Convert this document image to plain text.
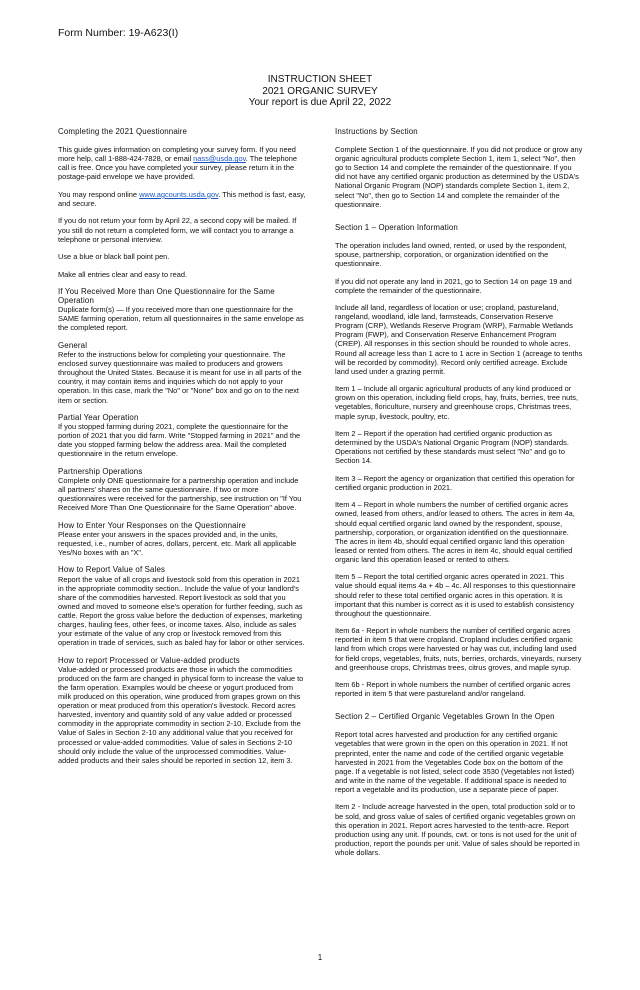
Form Number: 19-A623(I)
INSTRUCTION SHEET
2021 ORGANIC SURVEY
Your report is due April 22, 2022
Completing the 2021 Questionnaire

This guide gives information on completing your survey form. If you need more help, call 1-888-424-7828, or email nass@usda.gov. The telephone call is free. Once you have completed your survey, please return it in the postage-paid envelope we have provided.

You may respond online www.agcounts.usda.gov. This method is fast, easy, and secure.

If you do not return your form by April 22, a second copy will be mailed. If you still do not return a completed form, we will contact you to arrange a telephone or personal interview.

Use a blue or black ball point pen.

Make all entries clear and easy to read.

If You Received More than One Questionnaire for the Same Operation

Duplicate form(s) — If you received more than one questionnaire for the SAME farming operation, return all questionnaires in the same envelope as the completed report.

General

Refer to the instructions below for completing your questionnaire. The enclosed survey questionnaire was mailed to producers and growers throughout the United States. Because it is meant for use in all parts of the country, it may contain items and inquiries which do not apply to your operation. In this case, mark the "No" or "None" box and go on to the next item or section.

Partial Year Operation

If you stopped farming during 2021, complete the questionnaire for the portion of 2021 that you did farm. Write "Stopped farming in 2021" and the date you stopped farming below the address area. Mail the completed questionnaire in the return envelope.

Partnership Operations

Complete only ONE questionnaire for a partnership operation and include all partners' shares on the same questionnaire. If two or more questionnaires were received for the partnership, see instruction on "If You Received More Than One Questionnaire for the Same Operation" above.

How to Enter Your Responses on the Questionnaire

Please enter your answers in the spaces provided and, in the units, requested, i.e., number of acres, dollars, percent, etc. Mark all applicable Yes/No boxes with an "X".

How to Report Value of Sales

Report the value of all crops and livestock sold from this operation in 2021 in the appropriate commodity section.. Include the value of your landlord's share of the commodities harvested. Report livestock as sold that you owned and moved to someone else's operation for further feeding, such as cattle. Report the gross value before the deduction of expenses, marketing charges, hauling fees, other fees, or income taxes. Also, include as sales your estimate of the value of any crop or livestock removed from this operation in trade of services, such as baled hay for labor or other services.

How to report Processed or Value-added products

Value-added or processed products are those in which the commodities produced on the farm are changed in physical form to increase the value to the farm operation. Examples would be cheese or yogurt produced from milk produced on this operation, wine produced from grapes grown on this operation or meat produced from this operation's livestock. Record acres harvested, inventory and quantity sold of any value added or processed commodity in the appropriate commodity in section 2-10. Exclude from the Value of Sales in Section 2-10 any additional value that you received for processed or value-added commodities. Value of sales in Sections 2-10 should only include the value of the unprocessed commodities. Value-added products and their sales should be reported in section 12, item 3.

Instructions by Section

Complete Section 1 of the questionnaire. If you did not produce or grow any organic agricultural products complete Section 1, item 1, select "No", then go to Section 14 and complete the remainder of the questionnaire. If you did not have any certified organic production as determined by the USDA's National Organic Program (NOP) standards complete Section 1, item 2, select "No", then go to Section 14 and complete the remainder of the questionnaire.

Section 1 – Operation Information

The operation includes land owned, rented, or used by the respondent, spouse, partnership, corporation, or organization identified on the questionnaire.

If you did not operate any land in 2021, go to Section 14 on page 19 and complete the remainder of the questionnaire.

Include all land, regardless of location or use; cropland, pastureland, rangeland, woodland, idle land, farmsteads, Conservation Reserve Program (CRP), Wetlands Reserve Program (WRP), Farmable Wetlands Program (FWP), and Conservation Reserve Enhancement Program (CREP). All responses in this section should be rounded to whole acres. Round all acreage less than 1 acre to 1 acre in Section 1 (acreage to tenths will be recorded by commodity). Record only certified acreage. Exclude land used under a grazing permit.

Item 1 – Include all organic agricultural products of any kind produced or grown on this operation, including field crops, hay, fruits, berries, tree nuts, vegetables, floriculture, nursery and greenhouse crops, Christmas trees, maple syrup, livestock, poultry, etc.

Item 2 – Report if the operation had certified organic production as determined by the USDA's National Organic Program (NOP) standards. Operations not certified by these standards must select "No" and go to Section 14.

Item 3 – Report the agency or organization that certified this operation for certified organic production in 2021.

Item 4 – Report in whole numbers the number of certified organic acres owned, leased from others, and/or leased to others. The acres in item 4a, should equal certified organic land owned by the respondent, spouse, partnership, corporation, or organization identified on the questionnaire. The acres in item 4b, should equal certified organic land this operation leased or rented from others. The acres in item 4c, should equal certified organic land this operation leased or rented to others.

Item 5 – Report the total certified organic acres operated in 2021. This value should equal items 4a + 4b – 4c. All responses to this questionnaire should refer to these total certified organic acres in this operation. It is important that this number is correct as it is used to establish consistency throughout the questionnaire.

Item 6a - Report in whole numbers the number of certified organic acres reported in item 5 that were cropland. Cropland includes certified organic land from which crops were harvested or hay was cut, including land used for field crops, vegetables, fruits, nuts, berries, orchards, vineyards, nursery and greenhouse crops, Christmas trees, citrus groves, and maple syrup.

Item 6b - Report in whole numbers the number of certified organic acres reported in item 5 that were pastureland and/or rangeland.

Section 2 – Certified Organic Vegetables Grown In the Open

Report total acres harvested and production for any certified organic vegetables that were grown in the open on this operation in 2021. If not preprinted, enter the name and code of the certified organic vegetable harvested in 2021 from the Vegetables Code box on the bottom of the page. If a vegetable is not listed, select code 3530 (Vegetables not listed) and write in the name of the vegetable. If additional space is needed to report a vegetable and its production, use a separate piece of paper.

Item 2 - Include acreage harvested in the open, total production sold or to be sold, and gross value of sales of certified organic vegetables grown on this operation in 2021. Report acres harvested to the tenth-acre. Report production using any unit. If pounds, cwt. or tons is not used for the unit of production, report the pounds per unit. Value of sales should be reported in whole dollars.

1
